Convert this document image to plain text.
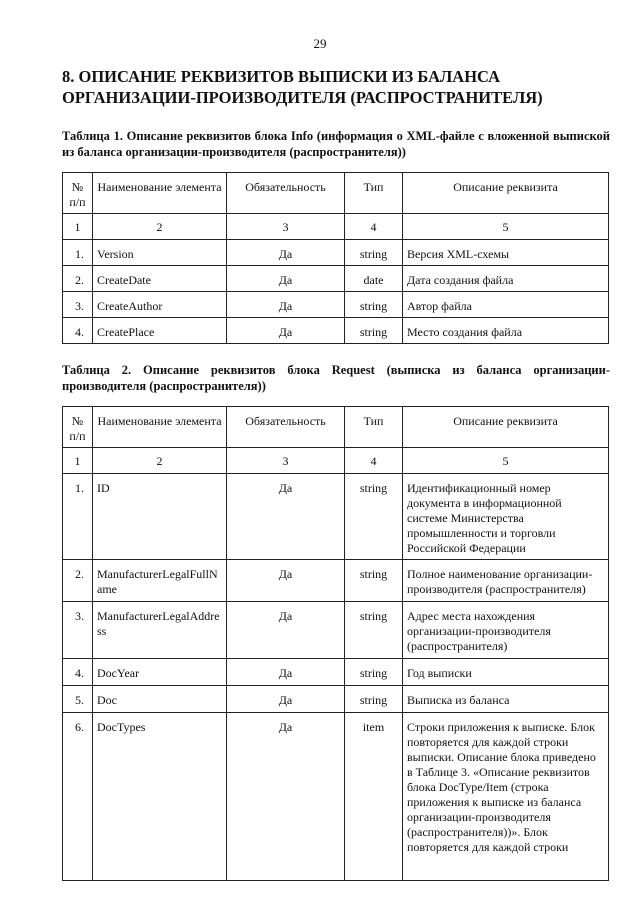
29
8. ОПИСАНИЕ РЕКВИЗИТОВ ВЫПИСКИ ИЗ БАЛАНСА ОРГАНИЗАЦИИ-ПРОИЗВОДИТЕЛЯ (РАСПРОСТРАНИТЕЛЯ)
Таблица 1. Описание реквизитов блока Info (информация о XML-файле с вложенной выпиской из баланса организации-производителя (распространителя))
№ п/п	Наименование элемента	Обязательность	Тип	Описание реквизита
1	2	3	4	5
1.	Version	Да	string	Версия XML-схемы
2.	CreateDate	Да	date	Дата создания файла
3.	CreateAuthor	Да	string	Автор файла
4.	CreatePlace	Да	string	Место создания файла
Таблица 2. Описание реквизитов блока Request (выписка из баланса организации-производителя (распространителя))
№ п/п	Наименование элемента	Обязательность	Тип	Описание реквизита
1	2	3	4	5
1.	ID	Да	string	Идентификационный номер документа в информационной системе Министерства промышленности и торговли Российской Федерации
2.	ManufacturerLegalFullName	Да	string	Полное наименование организации-производителя (распространителя)
3.	ManufacturerLegalAddress	Да	string	Адрес места нахождения организации-производителя (распространителя)
4.	DocYear	Да	string	Год выписки
5.	Doc	Да	string	Выписка из баланса
6.	DocTypes	Да	item	Строки приложения к выписке. Блок повторяется для каждой строки выписки. Описание блока приведено в Таблице 3. «Описание реквизитов блока DocType/Item (строка приложения к выписке из баланса организации-производителя (распространителя))». Блок повторяется для каждой строки
